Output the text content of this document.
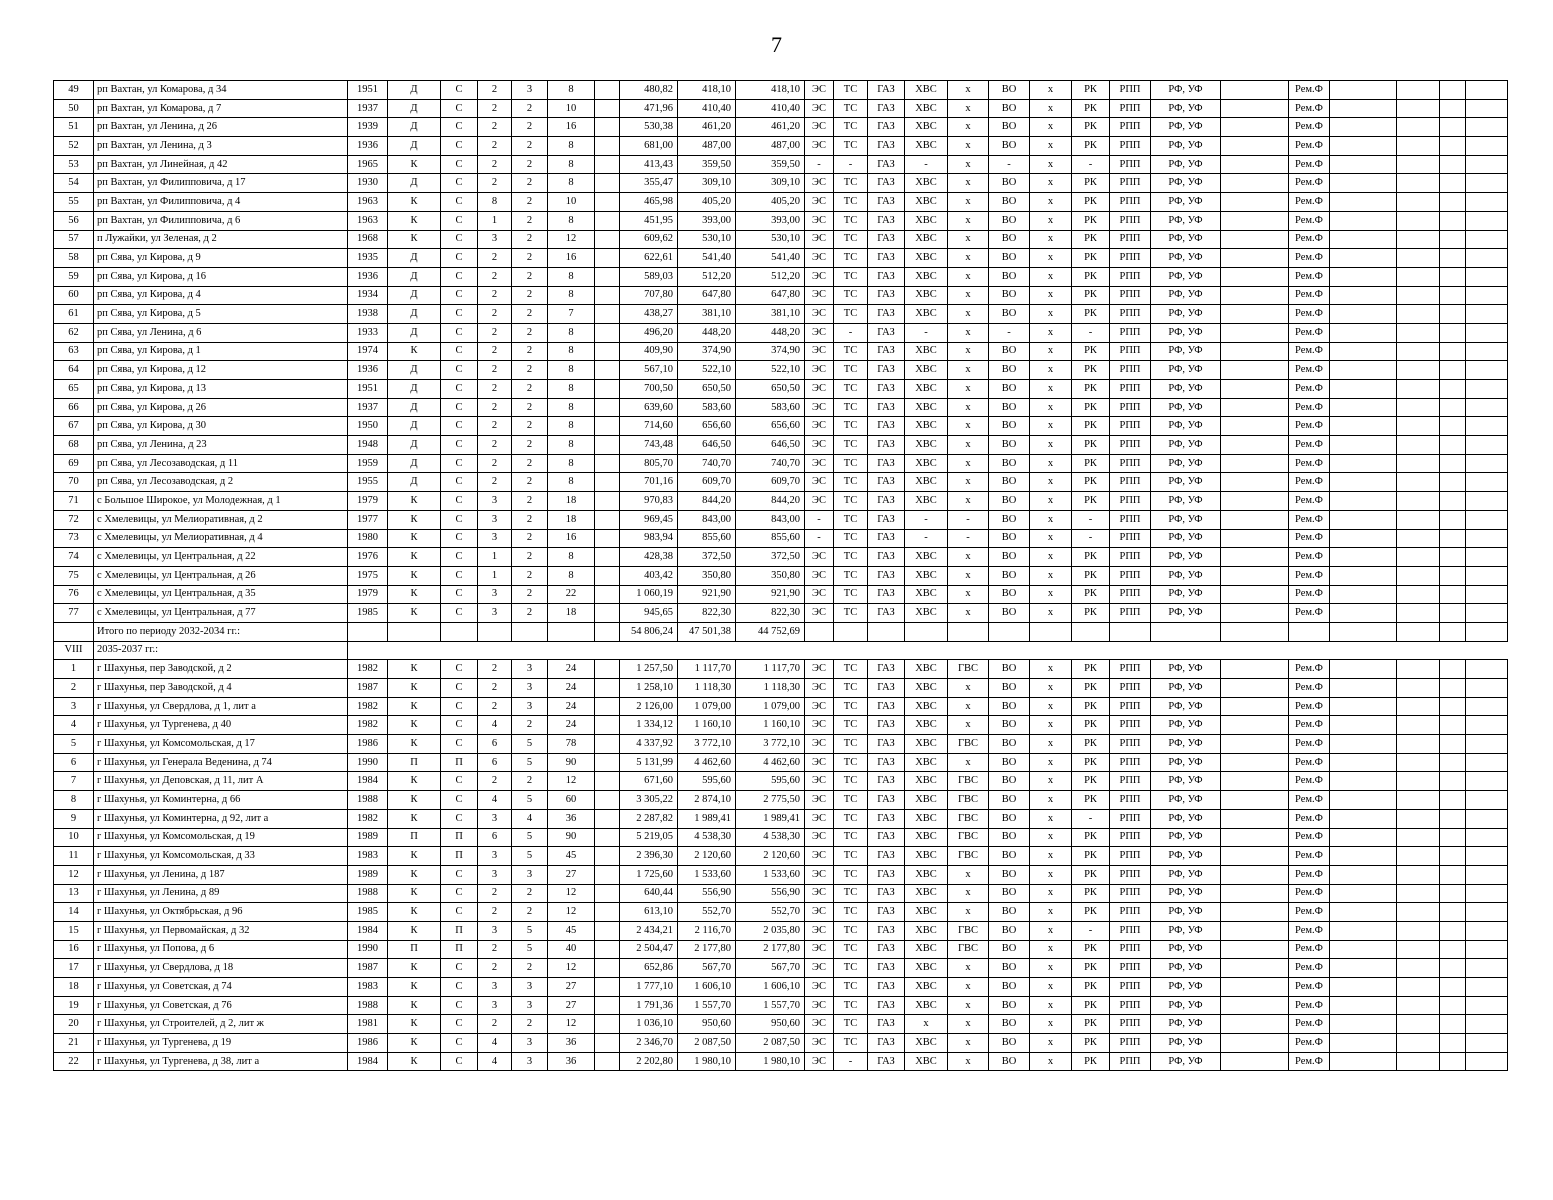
7
49	рп Вахтан, ул Комарова, д 34	1951	Д	С	2	3	8		480,82	418,10	418,10	ЭС	ТС	ГАЗ	ХВС	х	ВО	х	РК	РПП	РФ, УФ		Рем.Ф				
50	рп Вахтан, ул Комарова, д 7	1937	Д	С	2	2	10		471,96	410,40	410,40	ЭС	ТС	ГАЗ	ХВС	х	ВО	х	РК	РПП	РФ, УФ		Рем.Ф				
51	рп Вахтан, ул Ленина, д 26	1939	Д	С	2	2	16		530,38	461,20	461,20	ЭС	ТС	ГАЗ	ХВС	х	ВО	х	РК	РПП	РФ, УФ		Рем.Ф				
52	рп Вахтан, ул Ленина, д 3	1936	Д	С	2	2	8		681,00	487,00	487,00	ЭС	ТС	ГАЗ	ХВС	х	ВО	х	РК	РПП	РФ, УФ		Рем.Ф				
53	рп Вахтан, ул Линейная, д 42	1965	К	С	2	2	8		413,43	359,50	359,50	-	-	ГАЗ	-	х	-	х	-	РПП	РФ, УФ		Рем.Ф				
54	рп Вахтан, ул Филипповича, д 17	1930	Д	С	2	2	8		355,47	309,10	309,10	ЭС	ТС	ГАЗ	ХВС	х	ВО	х	РК	РПП	РФ, УФ		Рем.Ф				
55	рп Вахтан, ул Филипповича, д 4	1963	К	С	8	2	10		465,98	405,20	405,20	ЭС	ТС	ГАЗ	ХВС	х	ВО	х	РК	РПП	РФ, УФ		Рем.Ф				
56	рп Вахтан, ул Филипповича, д 6	1963	К	С	1	2	8		451,95	393,00	393,00	ЭС	ТС	ГАЗ	ХВС	х	ВО	х	РК	РПП	РФ, УФ		Рем.Ф				
57	п Лужайки, ул Зеленая, д 2	1968	К	С	3	2	12		609,62	530,10	530,10	ЭС	ТС	ГАЗ	ХВС	х	ВО	х	РК	РПП	РФ, УФ		Рем.Ф				
58	рп Сява, ул Кирова, д 9	1935	Д	С	2	2	16		622,61	541,40	541,40	ЭС	ТС	ГАЗ	ХВС	х	ВО	х	РК	РПП	РФ, УФ		Рем.Ф				
59	рп Сява, ул Кирова, д 16	1936	Д	С	2	2	8		589,03	512,20	512,20	ЭС	ТС	ГАЗ	ХВС	х	ВО	х	РК	РПП	РФ, УФ		Рем.Ф				
60	рп Сява, ул Кирова, д 4	1934	Д	С	2	2	8		707,80	647,80	647,80	ЭС	ТС	ГАЗ	ХВС	х	ВО	х	РК	РПП	РФ, УФ		Рем.Ф				
61	рп Сява, ул Кирова, д 5	1938	Д	С	2	2	7		438,27	381,10	381,10	ЭС	ТС	ГАЗ	ХВС	х	ВО	х	РК	РПП	РФ, УФ		Рем.Ф				
62	рп Сява, ул Ленина, д 6	1933	Д	С	2	2	8		496,20	448,20	448,20	ЭС	-	ГАЗ	-	х	-	х	-	РПП	РФ, УФ		Рем.Ф				
63	рп Сява, ул Кирова, д 1	1974	К	С	2	2	8		409,90	374,90	374,90	ЭС	ТС	ГАЗ	ХВС	х	ВО	х	РК	РПП	РФ, УФ		Рем.Ф				
64	рп Сява, ул Кирова, д 12	1936	Д	С	2	2	8		567,10	522,10	522,10	ЭС	ТС	ГАЗ	ХВС	х	ВО	х	РК	РПП	РФ, УФ		Рем.Ф				
65	рп Сява, ул Кирова, д 13	1951	Д	С	2	2	8		700,50	650,50	650,50	ЭС	ТС	ГАЗ	ХВС	х	ВО	х	РК	РПП	РФ, УФ		Рем.Ф				
66	рп Сява, ул Кирова, д 26	1937	Д	С	2	2	8		639,60	583,60	583,60	ЭС	ТС	ГАЗ	ХВС	х	ВО	х	РК	РПП	РФ, УФ		Рем.Ф				
67	рп Сява, ул Кирова, д 30	1950	Д	С	2	2	8		714,60	656,60	656,60	ЭС	ТС	ГАЗ	ХВС	х	ВО	х	РК	РПП	РФ, УФ		Рем.Ф				
68	рп Сява, ул Ленина, д 23	1948	Д	С	2	2	8		743,48	646,50	646,50	ЭС	ТС	ГАЗ	ХВС	х	ВО	х	РК	РПП	РФ, УФ		Рем.Ф				
69	рп Сява, ул Лесозаводская, д 11	1959	Д	С	2	2	8		805,70	740,70	740,70	ЭС	ТС	ГАЗ	ХВС	х	ВО	х	РК	РПП	РФ, УФ		Рем.Ф				
70	рп Сява, ул Лесозаводская, д 2	1955	Д	С	2	2	8		701,16	609,70	609,70	ЭС	ТС	ГАЗ	ХВС	х	ВО	х	РК	РПП	РФ, УФ		Рем.Ф				
71	с Большое Широкое, ул Молодежная, д 1	1979	К	С	3	2	18		970,83	844,20	844,20	ЭС	ТС	ГАЗ	ХВС	х	ВО	х	РК	РПП	РФ, УФ		Рем.Ф				
72	с Хмелевицы, ул Мелиоративная, д 2	1977	К	С	3	2	18		969,45	843,00	843,00	-	ТС	ГАЗ	-	-	ВО	х	-	РПП	РФ, УФ		Рем.Ф				
73	с Хмелевицы, ул Мелиоративная, д 4	1980	К	С	3	2	16		983,94	855,60	855,60	-	ТС	ГАЗ	-	-	ВО	х	-	РПП	РФ, УФ		Рем.Ф				
74	с Хмелевицы, ул Центральная, д 22	1976	К	С	1	2	8		428,38	372,50	372,50	ЭС	ТС	ГАЗ	ХВС	х	ВО	х	РК	РПП	РФ, УФ		Рем.Ф				
75	с Хмелевицы, ул Центральная, д 26	1975	К	С	1	2	8		403,42	350,80	350,80	ЭС	ТС	ГАЗ	ХВС	х	ВО	х	РК	РПП	РФ, УФ		Рем.Ф				
76	с Хмелевицы, ул Центральная, д 35	1979	К	С	3	2	22		1 060,19	921,90	921,90	ЭС	ТС	ГАЗ	ХВС	х	ВО	х	РК	РПП	РФ, УФ		Рем.Ф				
77	с Хмелевицы, ул Центральная, д 77	1985	К	С	3	2	18		945,65	822,30	822,30	ЭС	ТС	ГАЗ	ХВС	х	ВО	х	РК	РПП	РФ, УФ		Рем.Ф				
	Итого по периоду 2032-2034 гг.:								54 806,24	47 501,38	44 752,69																
VIII	2035-2037 гг.:																										
1	г Шахунья, пер Заводской, д 2	1982	К	С	2	3	24		1 257,50	1 117,70	1 117,70	ЭС	ТС	ГАЗ	ХВС	ГВС	ВО	х	РК	РПП	РФ, УФ		Рем.Ф				
2	г Шахунья, пер Заводской, д 4	1987	К	С	2	3	24		1 258,10	1 118,30	1 118,30	ЭС	ТС	ГАЗ	ХВС	х	ВО	х	РК	РПП	РФ, УФ		Рем.Ф				
3	г Шахунья, ул Свердлова, д 1, лит а	1982	К	С	2	3	24		2 126,00	1 079,00	1 079,00	ЭС	ТС	ГАЗ	ХВС	х	ВО	х	РК	РПП	РФ, УФ		Рем.Ф				
4	г Шахунья, ул Тургенева, д 40	1982	К	С	4	2	24		1 334,12	1 160,10	1 160,10	ЭС	ТС	ГАЗ	ХВС	х	ВО	х	РК	РПП	РФ, УФ		Рем.Ф				
5	г Шахунья, ул Комсомольская, д 17	1986	К	С	6	5	78		4 337,92	3 772,10	3 772,10	ЭС	ТС	ГАЗ	ХВС	ГВС	ВО	х	РК	РПП	РФ, УФ		Рем.Ф				
6	г Шахунья, ул Генерала Веденина, д 74	1990	П	П	6	5	90		5 131,99	4 462,60	4 462,60	ЭС	ТС	ГАЗ	ХВС	х	ВО	х	РК	РПП	РФ, УФ		Рем.Ф				
7	г Шахунья, ул Деповская, д 11, лит А	1984	К	С	2	2	12		671,60	595,60	595,60	ЭС	ТС	ГАЗ	ХВС	ГВС	ВО	х	РК	РПП	РФ, УФ		Рем.Ф				
8	г Шахунья, ул Коминтерна, д 66	1988	К	С	4	5	60		3 305,22	2 874,10	2 775,50	ЭС	ТС	ГАЗ	ХВС	ГВС	ВО	х	РК	РПП	РФ, УФ		Рем.Ф				
9	г Шахунья, ул Коминтерна, д 92, лит а	1982	К	С	3	4	36		2 287,82	1 989,41	1 989,41	ЭС	ТС	ГАЗ	ХВС	ГВС	ВО	х	-	РПП	РФ, УФ		Рем.Ф				
10	г Шахунья, ул Комсомольская, д 19	1989	П	П	6	5	90		5 219,05	4 538,30	4 538,30	ЭС	ТС	ГАЗ	ХВС	ГВС	ВО	х	РК	РПП	РФ, УФ		Рем.Ф				
11	г Шахунья, ул Комсомольская, д 33	1983	К	П	3	5	45		2 396,30	2 120,60	2 120,60	ЭС	ТС	ГАЗ	ХВС	ГВС	ВО	х	РК	РПП	РФ, УФ		Рем.Ф				
12	г Шахунья, ул Ленина, д 187	1989	К	С	3	3	27		1 725,60	1 533,60	1 533,60	ЭС	ТС	ГАЗ	ХВС	х	ВО	х	РК	РПП	РФ, УФ		Рем.Ф				
13	г Шахунья, ул Ленина, д 89	1988	К	С	2	2	12		640,44	556,90	556,90	ЭС	ТС	ГАЗ	ХВС	х	ВО	х	РК	РПП	РФ, УФ		Рем.Ф				
14	г Шахунья, ул Октябрьская, д 96	1985	К	С	2	2	12		613,10	552,70	552,70	ЭС	ТС	ГАЗ	ХВС	х	ВО	х	РК	РПП	РФ, УФ		Рем.Ф				
15	г Шахунья, ул Первомайская, д 32	1984	К	П	3	5	45		2 434,21	2 116,70	2 035,80	ЭС	ТС	ГАЗ	ХВС	ГВС	ВО	х	-	РПП	РФ, УФ		Рем.Ф				
16	г Шахунья, ул Попова, д 6	1990	П	П	2	5	40		2 504,47	2 177,80	2 177,80	ЭС	ТС	ГАЗ	ХВС	ГВС	ВО	х	РК	РПП	РФ, УФ		Рем.Ф				
17	г Шахунья, ул Свердлова, д 18	1987	К	С	2	2	12		652,86	567,70	567,70	ЭС	ТС	ГАЗ	ХВС	х	ВО	х	РК	РПП	РФ, УФ		Рем.Ф				
18	г Шахунья, ул Советская, д 74	1983	К	С	3	3	27		1 777,10	1 606,10	1 606,10	ЭС	ТС	ГАЗ	ХВС	х	ВО	х	РК	РПП	РФ, УФ		Рем.Ф				
19	г Шахунья, ул Советская, д 76	1988	К	С	3	3	27		1 791,36	1 557,70	1 557,70	ЭС	ТС	ГАЗ	ХВС	х	ВО	х	РК	РПП	РФ, УФ		Рем.Ф				
20	г Шахунья, ул Строителей, д 2, лит ж	1981	К	С	2	2	12		1 036,10	950,60	950,60	ЭС	ТС	ГАЗ	х	х	ВО	х	РК	РПП	РФ, УФ		Рем.Ф				
21	г Шахунья, ул Тургенева, д 19	1986	К	С	4	3	36		2 346,70	2 087,50	2 087,50	ЭС	ТС	ГАЗ	ХВС	х	ВО	х	РК	РПП	РФ, УФ		Рем.Ф				
22	г Шахунья, ул Тургенева, д 38, лит а	1984	К	С	4	3	36		2 202,80	1 980,10	1 980,10	ЭС	-	ГАЗ	ХВС	х	ВО	х	РК	РПП	РФ, УФ		Рем.Ф				
